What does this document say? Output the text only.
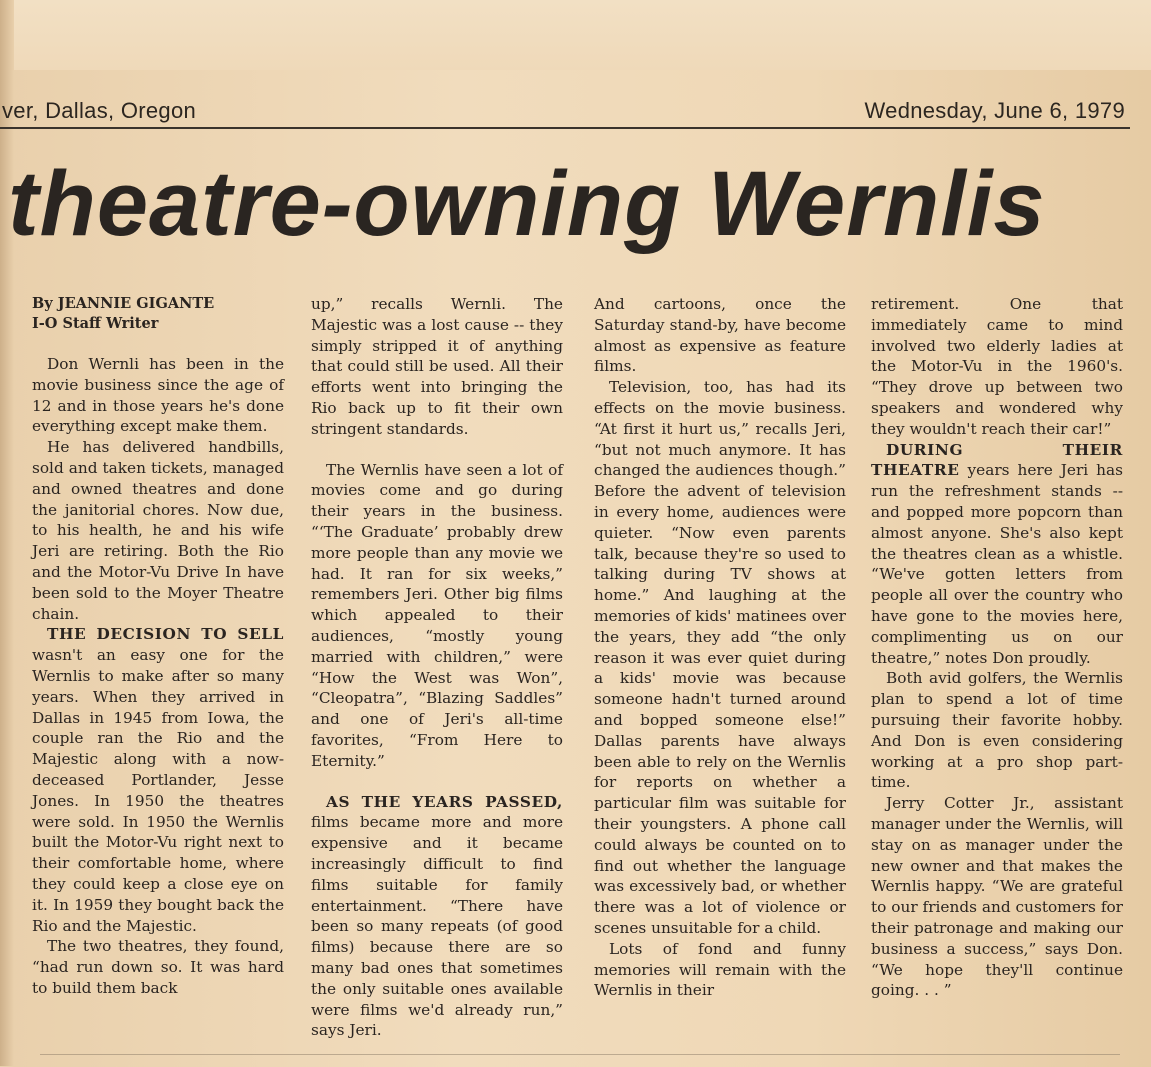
ver, Dallas, Oregon	Wednesday, June 6, 1979
theatre-owning Wernlis

By JEANNIE GIGANTE

I-O Staff Writer

Don Wernli has been in the movie business since the age of 12 and in those years he's done everything except make them.

He has delivered handbills, sold and taken tickets, managed and owned theatres and done the janitorial chores. Now due, to his health, he and his wife Jeri are retiring. Both the Rio and the Motor-Vu Drive In have been sold to the Moyer Theatre chain.

THE DECISION TO SELL wasn't an easy one for the Wernlis to make after so many years. When they arrived in Dallas in 1945 from Iowa, the couple ran the Rio and the Majestic along with a now-deceased Portlander, Jesse Jones. In 1950 the theatres were sold. In 1950 the Wernlis built the Motor-Vu right next to their comfortable home, where they could keep a close eye on it. In 1959 they bought back the Rio and the Majestic.

The two theatres, they found, “had run down so. It was hard to build them back

up,” recalls Wernli. The Majestic was a lost cause -- they simply stripped it of anything that could still be used. All their efforts went into bringing the Rio back up to fit their own stringent standards.

The Wernlis have seen a lot of movies come and go during their years in the business. “‘The Graduate’ probably drew more people than any movie we had. It ran for six weeks,” remembers Jeri. Other big films which appealed to their audiences, “mostly young married with children,” were “How the West was Won”, “Cleopatra”, “Blazing Saddles” and one of Jeri's all-time favorites, “From Here to Eternity.”

AS THE YEARS PASSED, films became more and more expensive and it became increasingly difficult to find films suitable for family entertainment. “There have been so many repeats (of good films) because there are so many bad ones that sometimes the only suitable ones available were films we'd already run,” says Jeri.

And cartoons, once the Saturday stand-by, have become almost as expensive as feature films.

Television, too, has had its effects on the movie business. “At first it hurt us,” recalls Jeri, “but not much anymore. It has changed the audiences though.” Before the advent of television in every home, audiences were quieter. “Now even parents talk, because they're so used to talking during TV shows at home.” And laughing at the memories of kids' matinees over the years, they add “the only reason it was ever quiet during a kids' movie was because someone hadn't turned around and bopped someone else!” Dallas parents have always been able to rely on the Wernlis for reports on whether a particular film was suitable for their youngsters. A phone call could always be counted on to find out whether the language was excessively bad, or whether there was a lot of violence or scenes unsuitable for a child.

Lots of fond and funny memories will remain with the Wernlis in their

retirement. One that immediately came to mind involved two elderly ladies at the Motor-Vu in the 1960's. “They drove up between two speakers and wondered why they wouldn't reach their car!”

DURING THEIR THEATRE years here Jeri has run the refreshment stands -- and popped more popcorn than almost anyone. She's also kept the theatres clean as a whistle. “We've gotten letters from people all over the country who have gone to the movies here, complimenting us on our theatre,” notes Don proudly.

Both avid golfers, the Wernlis plan to spend a lot of time pursuing their favorite hobby. And Don is even considering working at a pro shop part-time.

Jerry Cotter Jr., assistant manager under the Wernlis, will stay on as manager under the new owner and that makes the Wernlis happy. “We are grateful to our friends and customers for their patronage and making our business a success,” says Don. “We hope they'll continue going. . . ”
